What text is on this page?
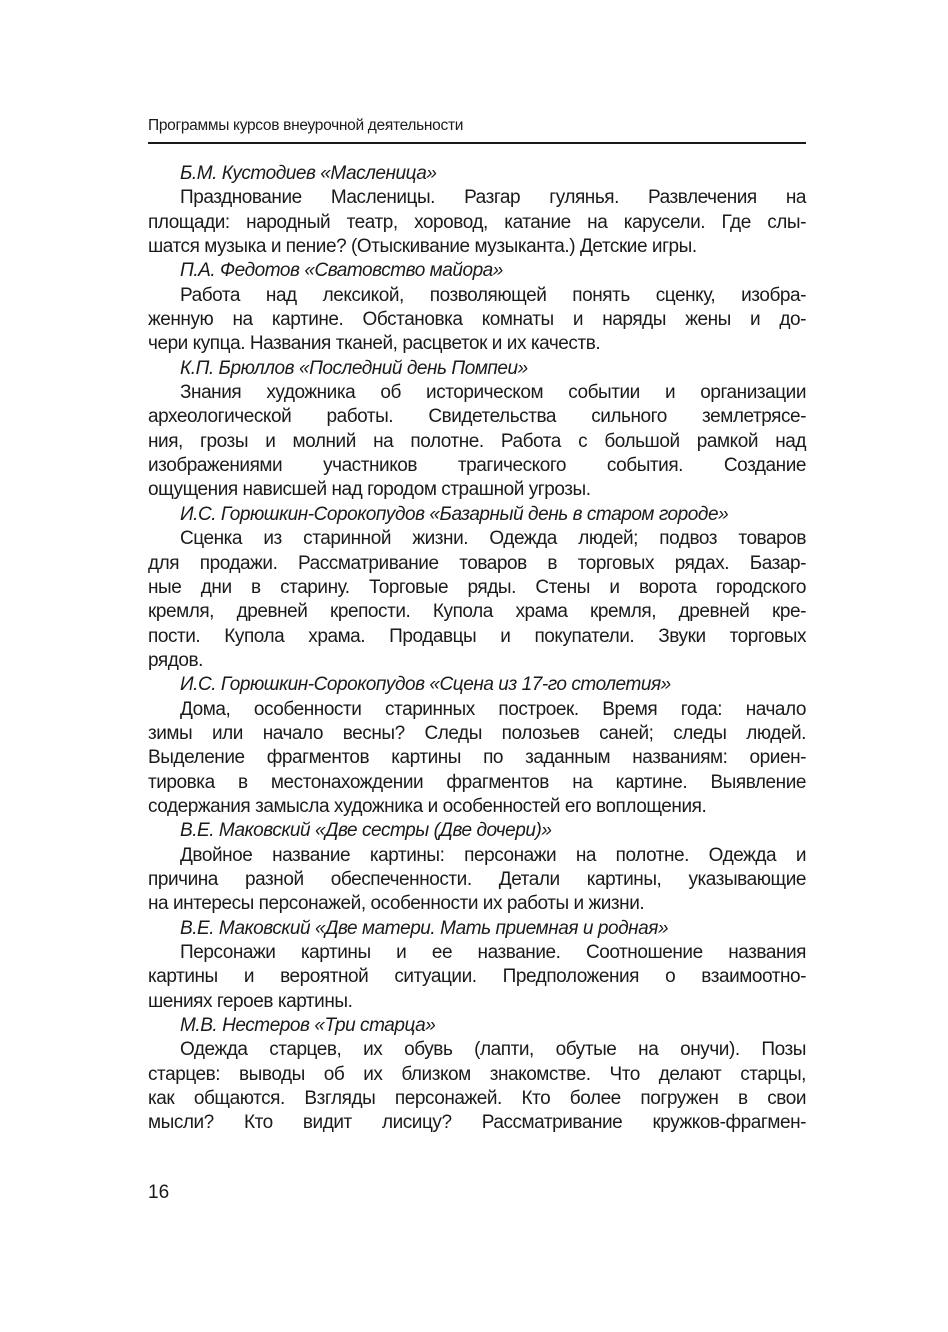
Программы курсов внеурочной деятельности
Б.М. Кустодиев «Масленица»
Празднование Масленицы. Разгар гулянья. Развлечения на
площади: народный театр, хоровод, катание на карусели. Где слы-
шатся музыка и пение? (Отыскивание музыканта.) Детские игры.
П.А. Федотов «Сватовство майора»
Работа над лексикой, позволяющей понять сценку, изобра-
женную на картине. Обстановка комнаты и наряды жены и до-
чери купца. Названия тканей, расцветок и их качеств.
К.П. Брюллов «Последний день Помпеи»
Знания художника об историческом событии и организации
археологической работы. Свидетельства сильного землетрясе-
ния, грозы и молний на полотне. Работа с большой рамкой над
изображениями участников трагического события. Создание
ощущения нависшей над городом страшной угрозы.
И.С. Горюшкин-Сорокопудов «Базарный день в старом городе»
Сценка из старинной жизни. Одежда людей; подвоз товаров
для продажи. Рассматривание товаров в торговых рядах. Базар-
ные дни в старину. Торговые ряды. Стены и ворота городского
кремля, древней крепости. Купола храма кремля, древней кре-
пости. Купола храма. Продавцы и покупатели. Звуки торговых
рядов.
И.С. Горюшкин-Сорокопудов «Сцена из 17-го столетия»
Дома, особенности старинных построек. Время года: начало
зимы или начало весны? Следы полозьев саней; следы людей.
Выделение фрагментов картины по заданным названиям: ориен-
тировка в местонахождении фрагментов на картине. Выявление
содержания замысла художника и особенностей его воплощения.
В.Е. Маковский «Две сестры (Две дочери)»
Двойное название картины: персонажи на полотне. Одежда и
причина разной обеспеченности. Детали картины, указывающие
на интересы персонажей, особенности их работы и жизни.
В.Е. Маковский «Две матери. Мать приемная и родная»
Персонажи картины и ее название. Соотношение названия
картины и вероятной ситуации. Предположения о взаимоотно-
шениях героев картины.
М.В. Нестеров «Три старца»
Одежда старцев, их обувь (лапти, обутые на онучи). Позы
старцев: выводы об их близком знакомстве. Что делают старцы,
как общаются. Взгляды персонажей. Кто более погружен в свои
мысли? Кто видит лисицу? Рассматривание кружков-фрагмен-
16
